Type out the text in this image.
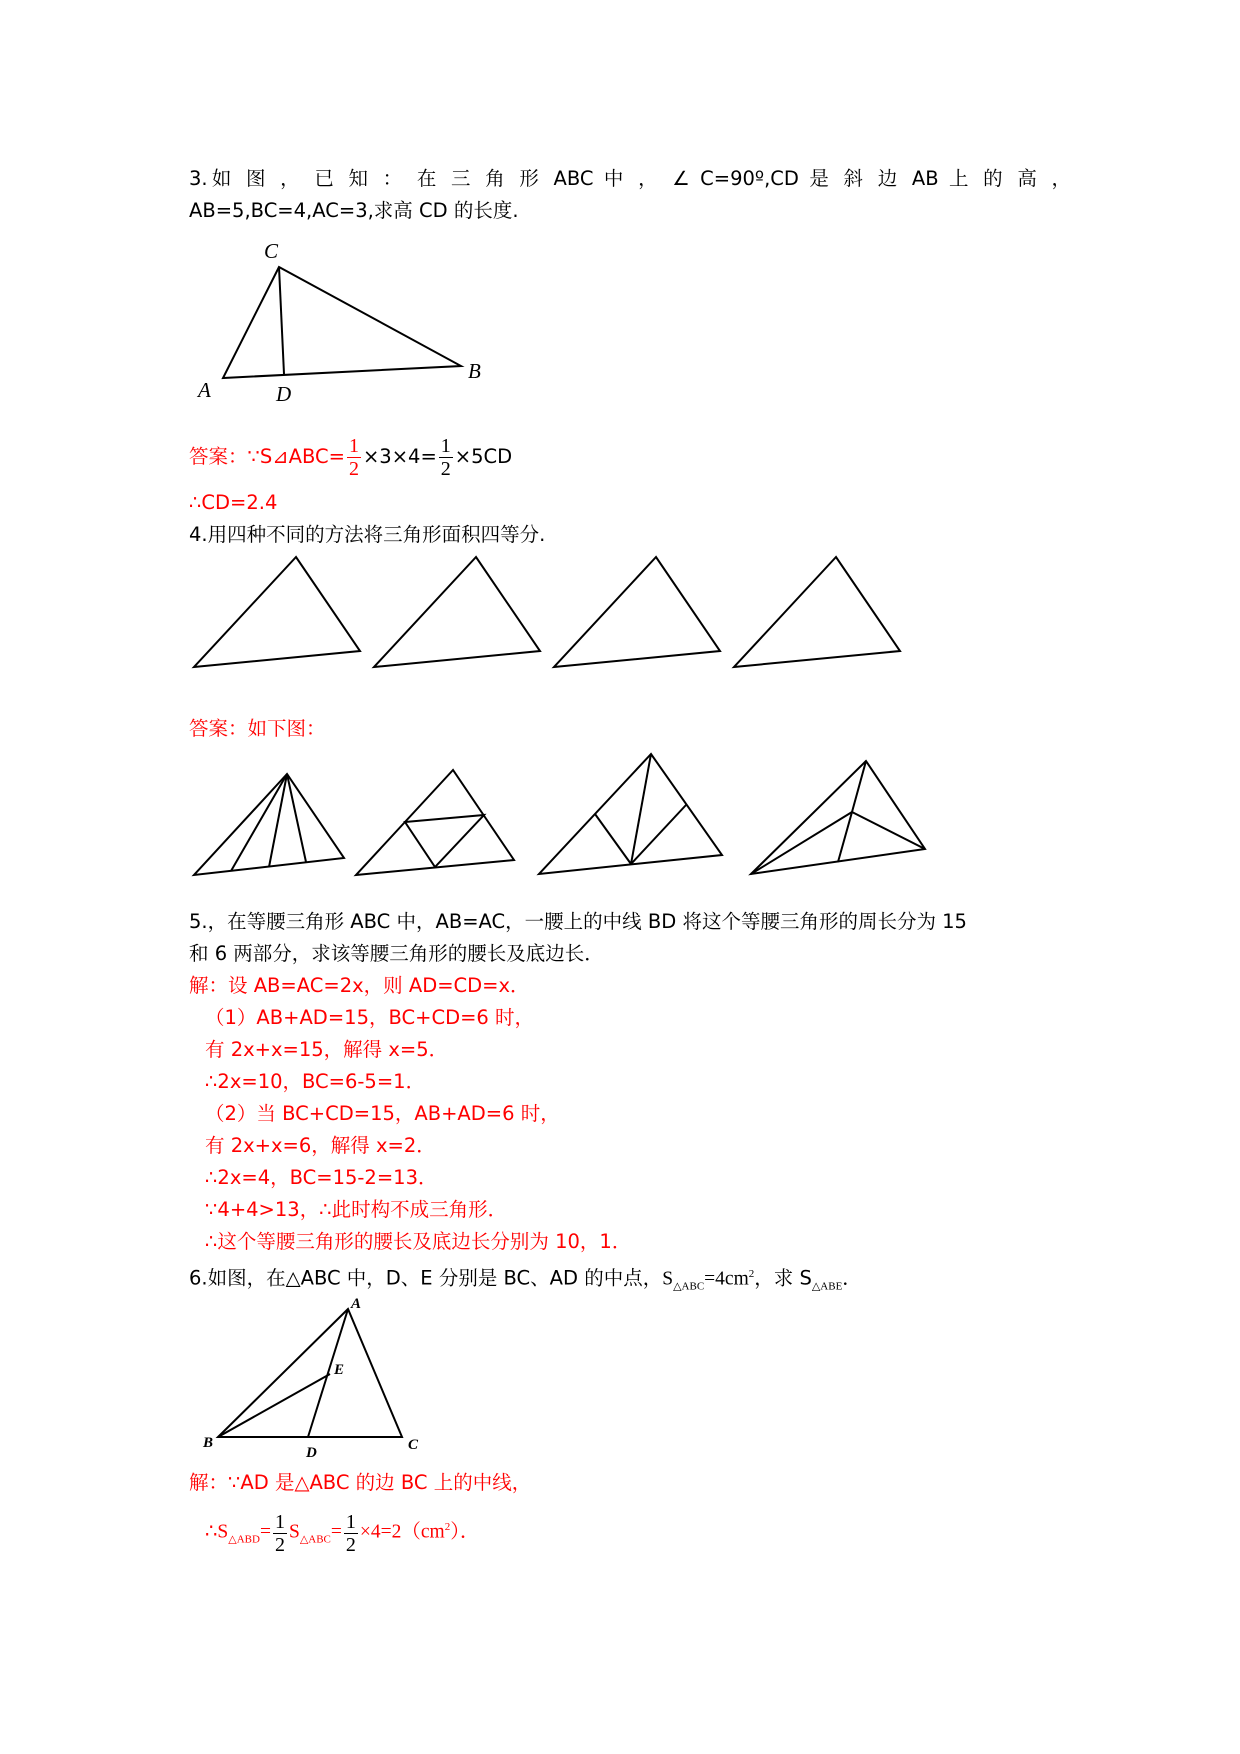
3.如 图 ， 已 知 ： 在 三 角 形 ABC 中 ， ∠ C=90º,CD 是 斜 边 AB 上 的 高 ，
AB=5,BC=4,AC=3,求高 CD 的长度.
C
A	D
B
答案：∵S⊿ABC= $\frac{1}{2} \times 3\times 4= \frac{1}{2} \times 5CD$
∴CD=2.4
4.用四种不同的方法将三角形面积四等分.
答案：如下图：
5.，在等腰三角形 ABC 中，AB=AC，一腰上的中线 BD 将这个等腰三角形的周长分为 15
和 6 两部分，求该等腰三角形的腰长及底边长．
解：设 AB=AC=2x，则 AD=CD=x．
（1）AB+AD=15，BC+CD=6 时，
有 2x+x=15，解得 x=5．
∴2x=10，BC=6-5=1．
（2）当 BC+CD=15，AB+AD=6 时，
有 2x+x=6，解得 x=2．
∴2x=4，BC=15-2=13．
∵4+4>13，∴此时构不成三角形．
∴这个等腰三角形的腰长及底边长分别为 10，1．
6.如图，在△ABC 中，D、E 分别是 BC、AD 的中点，$S_{\triangle ABC}=4cm^2$，求 $S_{\triangle ABE}$．
A
E
B
D	C
解：∵AD 是△ABC 的边 BC 上的中线，
$\therefore S_{\triangle ABD}= \frac{1}{2} S_{\triangle ABC}= \frac{1}{2} \times 4=2(cm^2)$．
